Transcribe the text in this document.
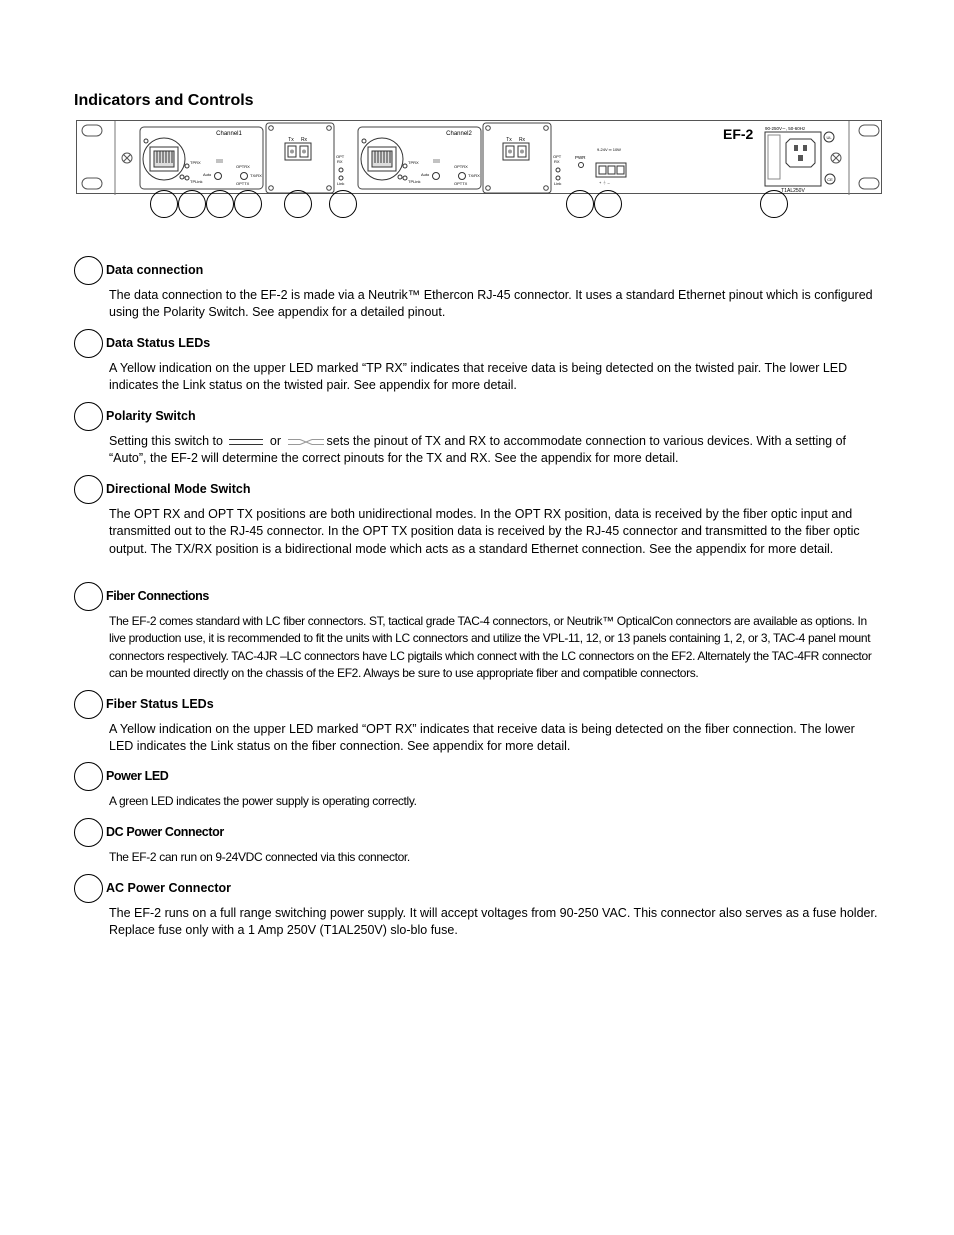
Indicators and Controls
Channel1
TPRX
TPLink
Auto
OPTRX
TX/RX
OPTTX
Tx Rx
OPT
RX
Link
Channel2
TPRX
TPLink
Auto
OPTRX
TX/RX
OPTTX
Tx Rx
OPT
RX
Link
PWR
9-24V ═ 10W
+ ⏚ –
EF-2	90-250V∼, 50-60Hz
T1AL250V
UL
CE
Data connection
The data connection to the EF-2 is made via a Neutrik™ Ethercon RJ-45 connector. It uses a standard Ethernet pinout which is configured using the Polarity Switch. See appendix for a detailed pinout.
Data Status LEDs
A Yellow indication on the upper LED marked “TP RX” indicates that receive data is being detected on the twisted pair. The lower LED indicates the Link status on the twisted pair. See appendix for more detail.
Polarity Switch
Setting this switch to	or	sets the pinout of TX and RX to accommodate connection to various devices. With a setting of “Auto”, the EF-2 will determine the correct pinouts for the TX and RX. See the appendix for more detail.
Directional Mode Switch
The OPT RX and OPT TX positions are both unidirectional modes. In the OPT RX position, data is received by the fiber optic input and transmitted out to the RJ-45 connector. In the OPT TX position data is received by the RJ-45 connector and transmitted to the fiber optic output. The TX/RX position is a bidirectional mode which acts as a standard Ethernet connection. See the appendix for more detail.
Fiber Connections
The EF-2 comes standard with LC fiber connectors. ST, tactical grade TAC-4 connectors, or Neutrik™ OpticalCon connectors are available as options. In live production use, it is recommended to fit the units with LC connectors and utilize the VPL-11, 12, or 13 panels containing 1, 2, or 3, TAC-4 panel mount connectors respectively. TAC-4JR –LC connectors have LC pigtails which connect with the LC connectors on the EF2. Alternately the TAC-4FR connector can be mounted directly on the chassis of the EF2. Always be sure to use appropriate fiber and compatible connectors.
Fiber Status LEDs
A Yellow indication on the upper LED marked “OPT RX” indicates that receive data is being detected on the fiber connection. The lower LED indicates the Link status on the fiber connection. See appendix for more detail.
Power LED
A green LED indicates the power supply is operating correctly.
DC Power Connector
The EF-2 can run on 9-24VDC connected via this connector.
AC Power Connector
The EF-2 runs on a full range switching power supply. It will accept voltages from 90-250 VAC. This connector also serves as a fuse holder. Replace fuse only with a 1 Amp 250V (T1AL250V) slo-blo fuse.
